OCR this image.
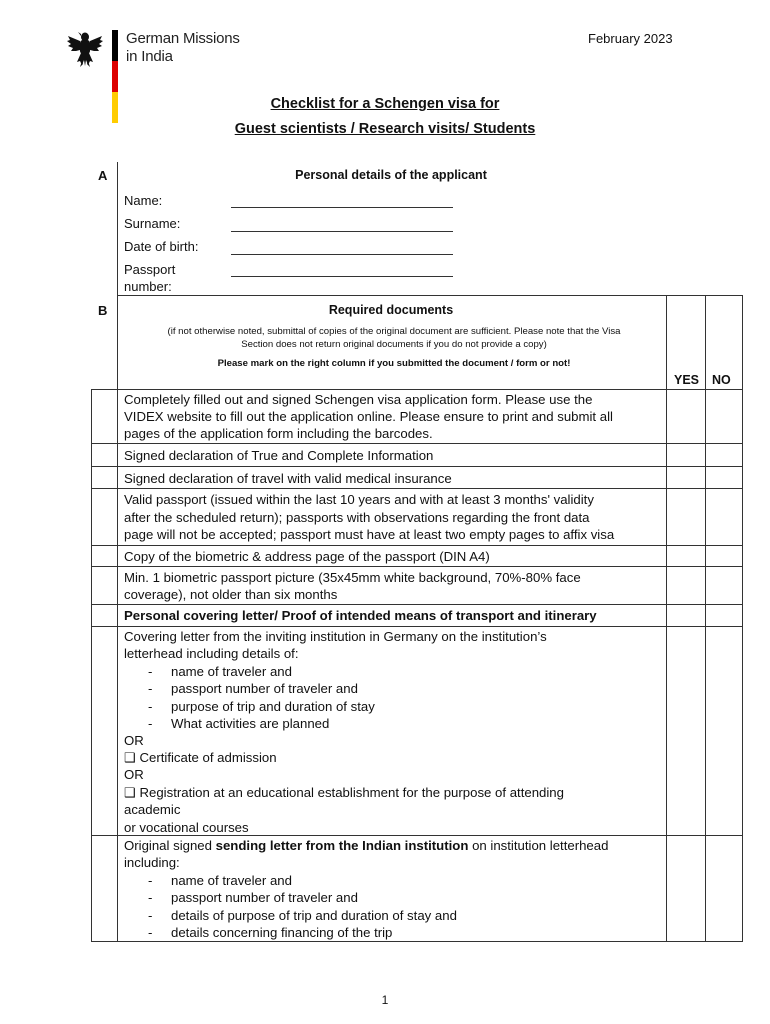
German Missions
in India
February 2023
Checklist for a Schengen visa for
Guest scientists / Research visits/ Students
A	Personal details of the applicant
Name:
Surname:
Date of birth:
Passport
number:
B	Required documents
(if not otherwise noted, submittal of copies of the original document are sufficient. Please note that the Visa
Section does not return original documents if you do not provide a copy)
Please mark on the right column if you submitted the document / form or not!
YES NO
Completely filled out and signed Schengen visa application form. Please use the
VIDEX website to fill out the application online. Please ensure to print and submit all
pages of the application form including the barcodes.
Signed declaration of True and Complete Information
Signed declaration of travel with valid medical insurance
Valid passport (issued within the last 10 years and with at least 3 months' validity
after the scheduled return); passports with observations regarding the front data
page will not be accepted; passport must have at least two empty pages to affix visa
Copy of the biometric & address page of the passport (DIN A4)
Min. 1 biometric passport picture (35x45mm white background, 70%-80% face
coverage), not older than six months
Personal covering letter/ Proof of intended means of transport and itinerary
Covering letter from the inviting institution in Germany on the institution’s
letterhead including details of:
- name of traveler and
- passport number of traveler and
- purpose of trip and duration of stay
- What activities are planned
OR
❑ Certificate of admission
OR
❑ Registration at an educational establishment for the purpose of attending
academic
or vocational courses
Original signed sending letter from the Indian institution on institution letterhead
including:
- name of traveler and
- passport number of traveler and
- details of purpose of trip and duration of stay and
- details concerning financing of the trip
1
